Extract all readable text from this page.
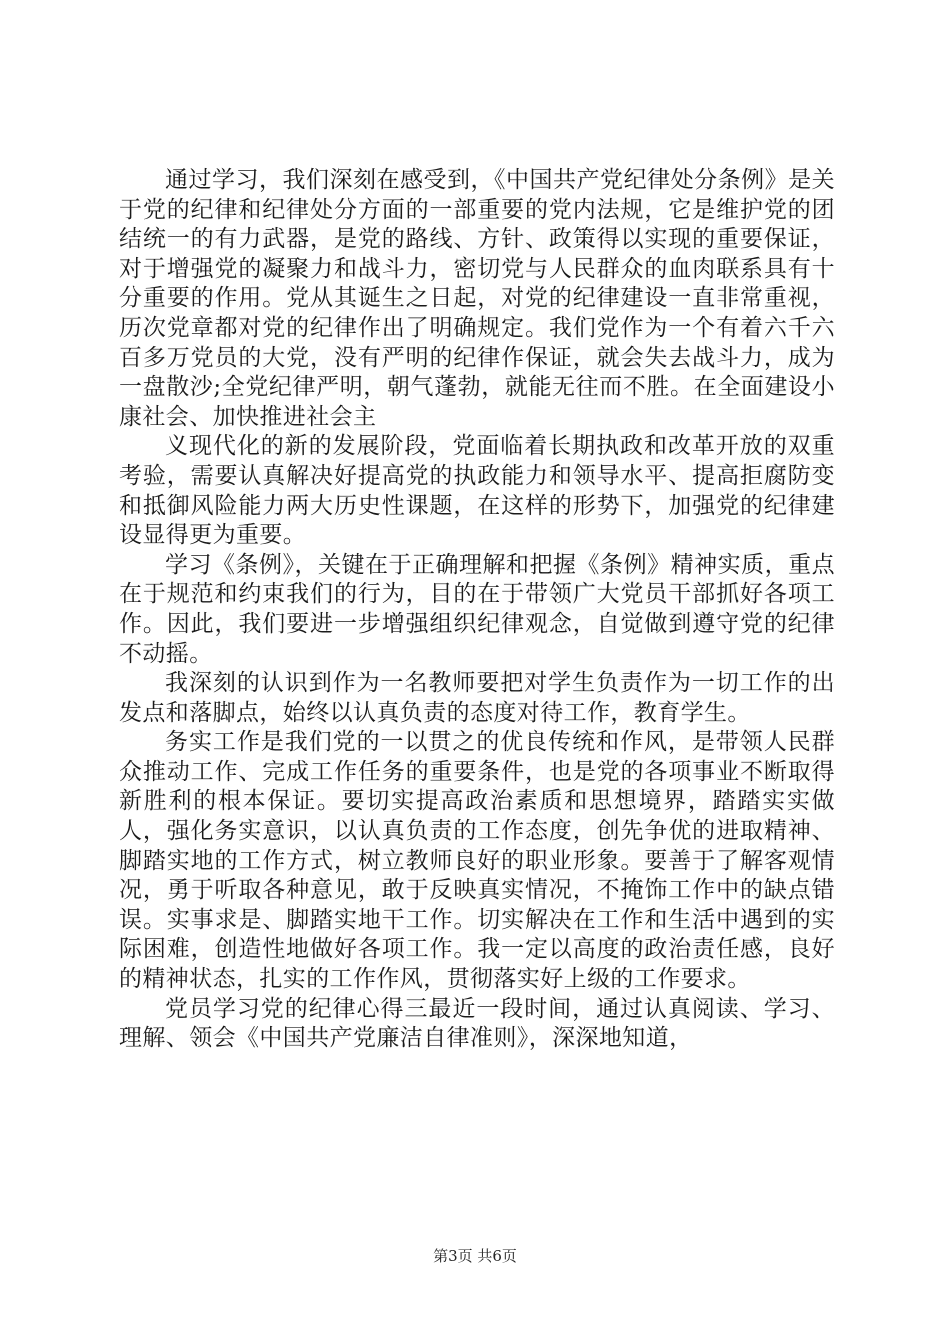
通过学习，我们深刻在感受到，《中国共产党纪律处分条例》是关于党的纪律和纪律处分方面的一部重要的党内法规，它是维护党的团结统一的有力武器，是党的路线、方针、政策得以实现的重要保证，对于增强党的凝聚力和战斗力，密切党与人民群众的血肉联系具有十分重要的作用。党从其诞生之日起，对党的纪律建设一直非常重视，历次党章都对党的纪律作出了明确规定。我们党作为一个有着六千六百多万党员的大党，没有严明的纪律作保证，就会失去战斗力，成为一盘散沙;全党纪律严明，朝气蓬勃，就能无往而不胜。在全面建设小康社会、加快推进社会主

义现代化的新的发展阶段，党面临着长期执政和改革开放的双重考验，需要认真解决好提高党的执政能力和领导水平、提高拒腐防变和抵御风险能力两大历史性课题，在这样的形势下，加强党的纪律建设显得更为重要。

学习《条例》，关键在于正确理解和把握《条例》精神实质，重点在于规范和约束我们的行为，目的在于带领广大党员干部抓好各项工作。因此，我们要进一步增强组织纪律观念，自觉做到遵守党的纪律不动摇。

我深刻的认识到作为一名教师要把对学生负责作为一切工作的出发点和落脚点，始终以认真负责的态度对待工作，教育学生。

务实工作是我们党的一以贯之的优良传统和作风，是带领人民群众推动工作、完成工作任务的重要条件，也是党的各项事业不断取得新胜利的根本保证。要切实提高政治素质和思想境界，踏踏实实做人，强化务实意识，以认真负责的工作态度，创先争优的进取精神、脚踏实地的工作方式，树立教师良好的职业形象。要善于了解客观情况，勇于听取各种意见，敢于反映真实情况，不掩饰工作中的缺点错误。实事求是、脚踏实地干工作。切实解决在工作和生活中遇到的实际困难，创造性地做好各项工作。我一定以高度的政治责任感，良好的精神状态，扎实的工作作风，贯彻落实好上级的工作要求。

党员学习党的纪律心得三最近一段时间，通过认真阅读、学习、理解、领会《中国共产党廉洁自律准则》，深深地知道，

第3页 共6页
